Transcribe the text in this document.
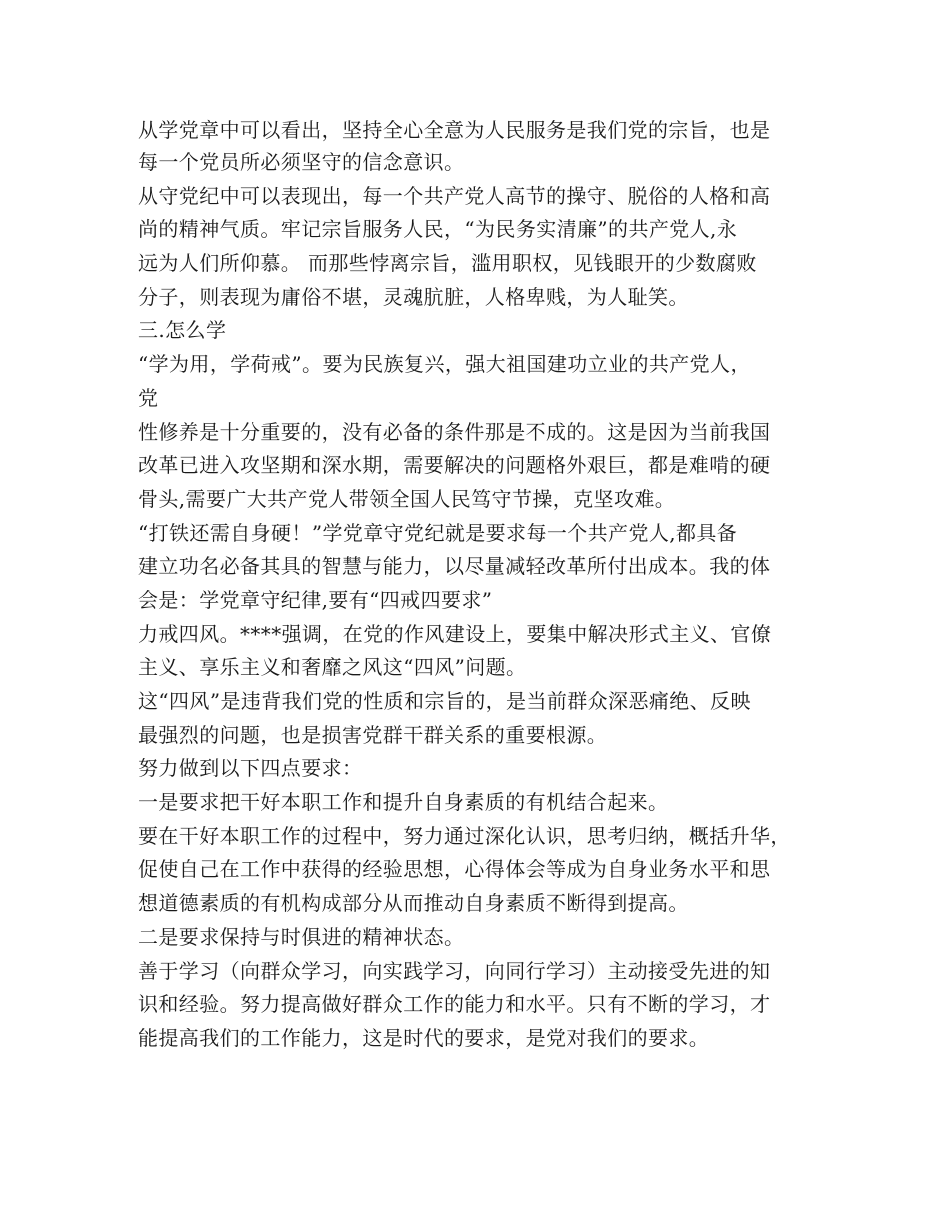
从学党章中可以看出，坚持全心全意为人民服务是我们党的宗旨，也是
每一个党员所必须坚守的信念意识。
从守党纪中可以表现出，每一个共产党人高节的操守、脱俗的人格和高
尚的精神气质。牢记宗旨服务人民，“为民务实清廉”的共产党人,永
远为人们所仰慕。 而那些悖离宗旨，滥用职权，见钱眼开的少数腐败
分子，则表现为庸俗不堪，灵魂肮脏，人格卑贱，为人耻笑。
三.怎么学
“学为用，学荷戒”。要为民族复兴，强大祖国建功立业的共产党人，
党
性修养是十分重要的，没有必备的条件那是不成的。这是因为当前我国
改革已进入攻坚期和深水期，需要解决的问题格外艰巨，都是难啃的硬
骨头,需要广大共产党人带领全国人民笃守节操，克坚攻难。
“打铁还需自身硬！”学党章守党纪就是要求每一个共产党人,都具备
建立功名必备其具的智慧与能力，以尽量减轻改革所付出成本。我的体
会是：学党章守纪律,要有“四戒四要求”
力戒四风。****强调，在党的作风建设上，要集中解决形式主义、官僚
主义、享乐主义和奢靡之风这“四风”问题。
这“四风”是违背我们党的性质和宗旨的，是当前群众深恶痛绝、反映
最强烈的问题，也是损害党群干群关系的重要根源。
努力做到以下四点要求：
一是要求把干好本职工作和提升自身素质的有机结合起来。
要在干好本职工作的过程中，努力通过深化认识，思考归纳，概括升华，
促使自己在工作中获得的经验思想，心得体会等成为自身业务水平和思
想道德素质的有机构成部分从而推动自身素质不断得到提高。
二是要求保持与时俱进的精神状态。
善于学习（向群众学习，向实践学习，向同行学习）主动接受先进的知
识和经验。努力提高做好群众工作的能力和水平。只有不断的学习，才
能提高我们的工作能力，这是时代的要求，是党对我们的要求。
